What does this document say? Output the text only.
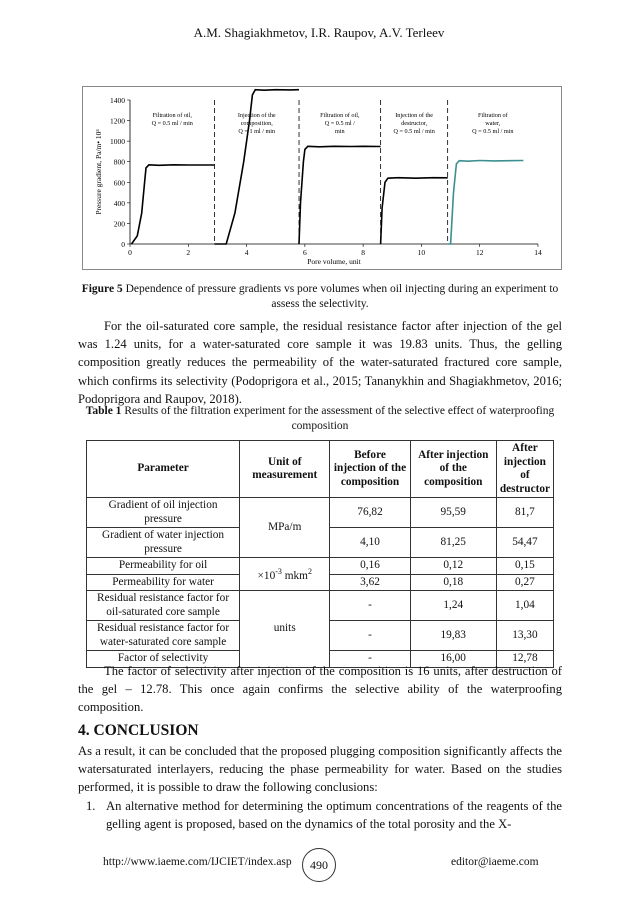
A.M. Shagiakhmetov, I.R. Raupov, A.V. Terleev
0
200
400
600
800
1000
1200
1400
0	2	4	6	8	10	12	14
Pore volume, unit
Pressure gradient, Pa/m• 10³
Filtration of oil, Q = 0.5 ml / min
Injection of the composition, Q = 1 ml / min
Filtration of oil, Q = 0.5 ml / min
Injection of the destructor, Q = 0.5 ml / min
Filtration of water, Q = 0.5 ml / min
Figure 5 Dependence of pressure gradients vs pore volumes when oil injecting during an experiment to assess the selectivity.
For the oil-saturated core sample, the residual resistance factor after injection of the gel was 1.24 units, for a water-saturated core sample it was 19.83 units. Thus, the gelling composition greatly reduces the permeability of the water-saturated fractured core sample, which confirms its selectivity (Podoprigora et al., 2015; Tananykhin and Shagiakhmetov, 2016; Podoprigora and Raupov, 2018).
Table 1 Results of the filtration experiment for the assessment of the selective effect of waterproofing composition
Parameter	Unit of measurement	Before injection of the composition	After injection of the composition	After injection of destructor
Gradient of oil injection pressure	MPa/m	76,82	95,59	81,7
Gradient of water injection pressure		4,10	81,25	54,47
Permeability for oil	$\times 10^{-3}$ mkm$^2$	0,16	0,12	0,15
Permeability for water		3,62	0,18	0,27
Residual resistance factor for oil-saturated core sample	units	-	1,24	1,04
Residual resistance factor for water-saturated core sample		-	19,83	13,30
Factor of selectivity		-	16,00	12,78
The factor of selectivity after injection of the composition is 16 units, after destruction of the gel – 12.78. This once again confirms the selective ability of the waterproofing composition.
4. CONCLUSION
As a result, it can be concluded that the proposed plugging composition significantly affects the watersaturated interlayers, reducing the phase permeability for water. Based on the studies performed, it is possible to draw the following conclusions:
1. An alternative method for determining the optimum concentrations of the reagents of the gelling agent is proposed, based on the dynamics of the total porosity and the X-
http://www.iaeme.com/IJCIET/index.asp	490	editor@iaeme.com
